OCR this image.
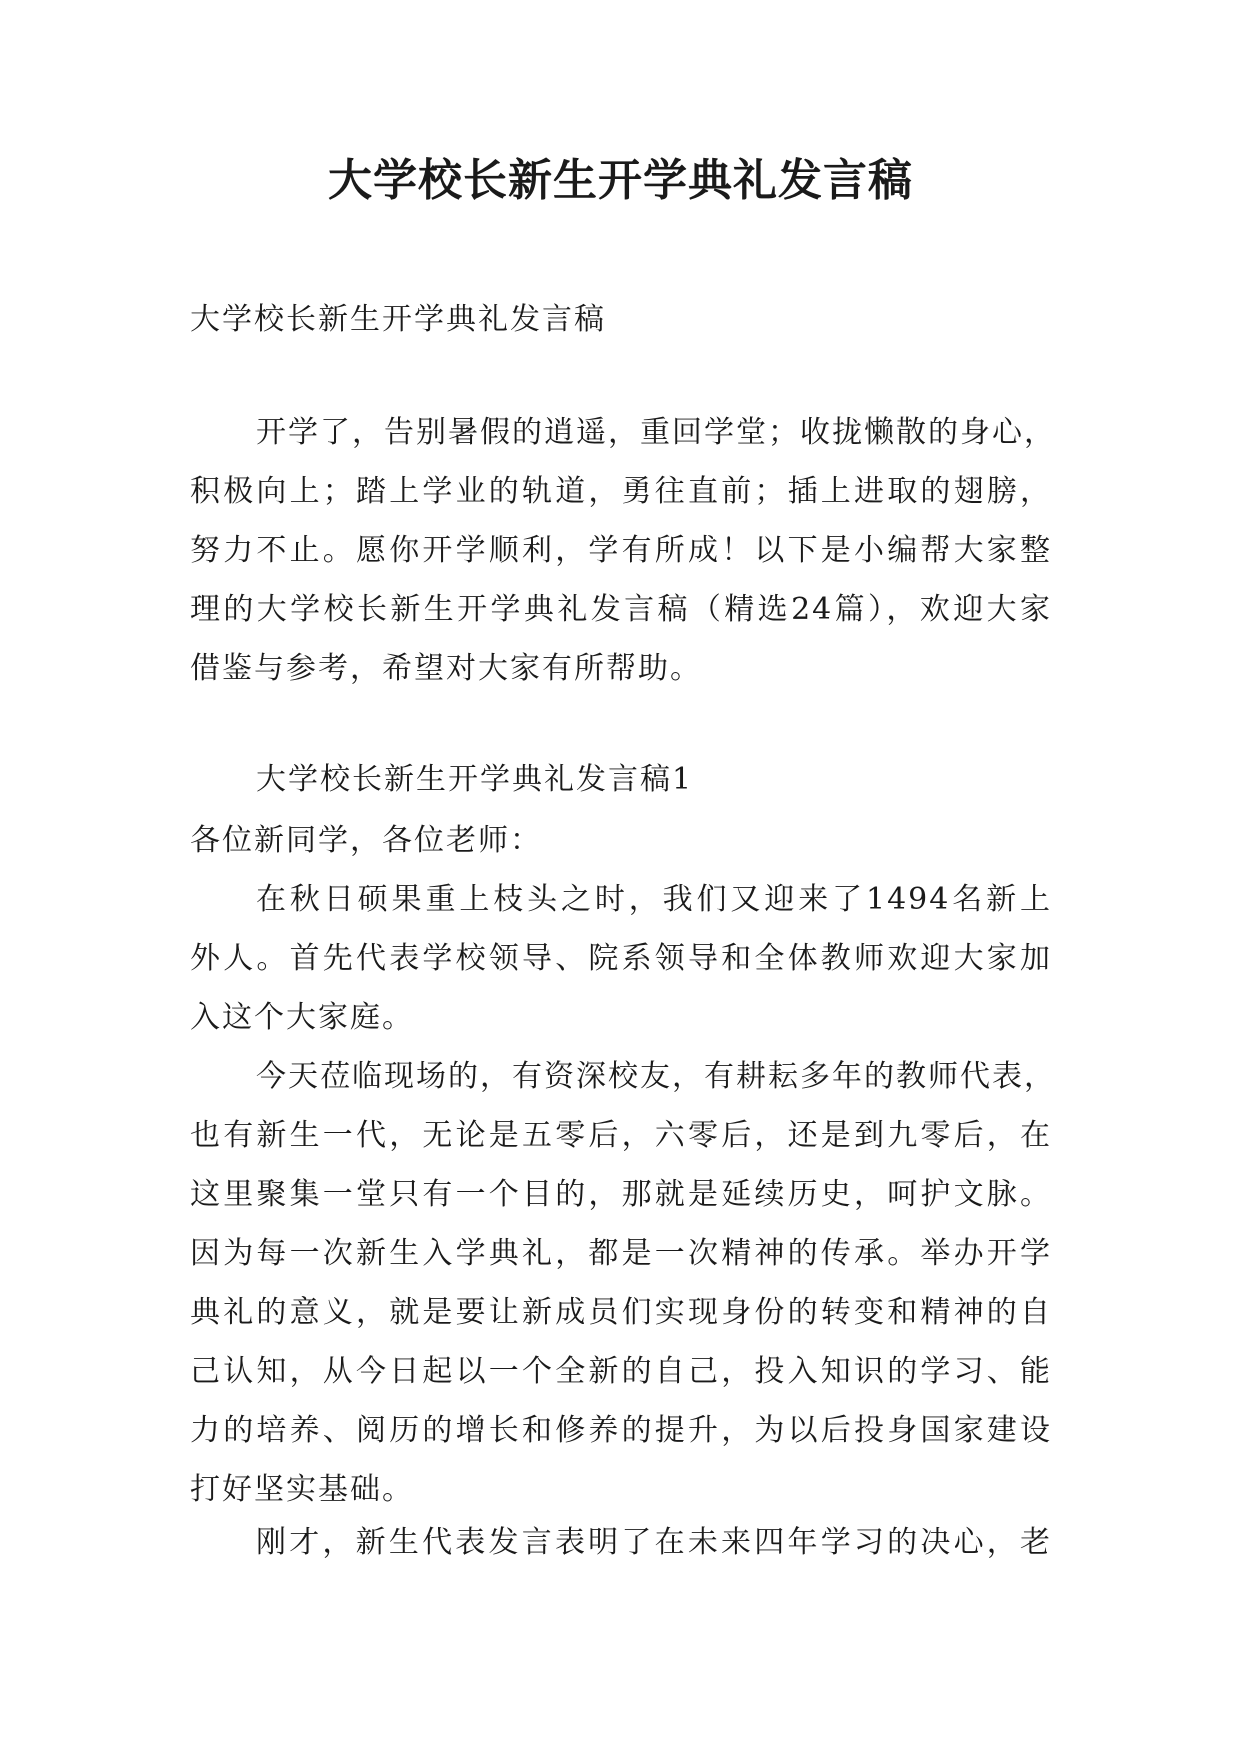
大学校长新生开学典礼发言稿

大学校长新生开学典礼发言稿

开学了，告别暑假的逍遥，重回学堂；收拢懒散的身心，
积极向上；踏上学业的轨道，勇往直前；插上进取的翅膀，
努力不止。愿你开学顺利，学有所成！以下是小编帮大家整
理的大学校长新生开学典礼发言稿（精选24篇），欢迎大家
借鉴与参考，希望对大家有所帮助。

大学校长新生开学典礼发言稿1

各位新同学，各位老师：

在秋日硕果重上枝头之时，我们又迎来了1494名新上
外人。首先代表学校领导、院系领导和全体教师欢迎大家加
入这个大家庭。

今天莅临现场的，有资深校友，有耕耘多年的教师代表，
也有新生一代，无论是五零后，六零后，还是到九零后，在
这里聚集一堂只有一个目的，那就是延续历史，呵护文脉。
因为每一次新生入学典礼，都是一次精神的传承。举办开学
典礼的意义，就是要让新成员们实现身份的转变和精神的自
己认知，从今日起以一个全新的自己，投入知识的学习、能
力的培养、阅历的增长和修养的提升，为以后投身国家建设
打好坚实基础。

刚才，新生代表发言表明了在未来四年学习的决心，老
